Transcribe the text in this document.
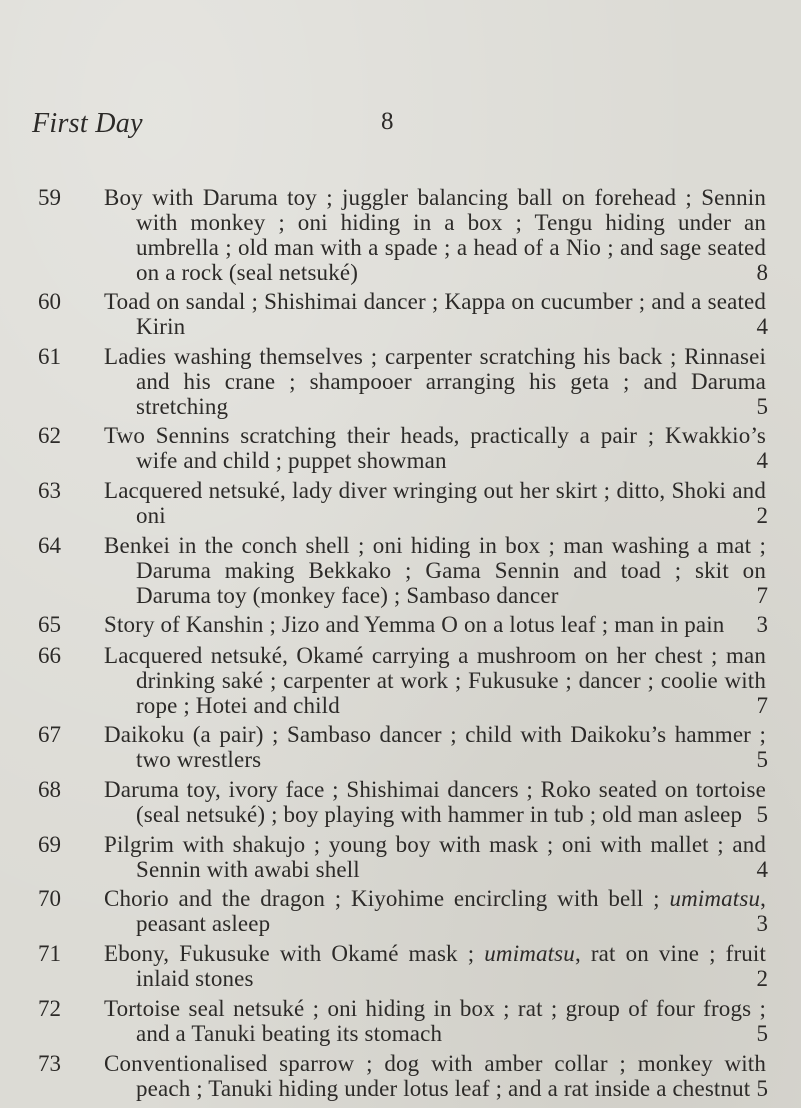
First Day	8
59 Boy with Daruma toy ; juggler balancing ball on forehead ; Sennin with monkey ; oni hiding in a box ; Tengu hiding under an umbrella ; old man with a spade ; a head of a Nio ; and sage seated on a rock (seal netsuké)	8
60 Toad on sandal ; Shishimai dancer ; Kappa on cucumber ; and a seated Kirin	4
61 Ladies washing themselves ; carpenter scratching his back ; Rinnasei and his crane ; shampooer arranging his geta ; and Daruma stretching	5
62 Two Sennins scratching their heads, practically a pair ; Kwakkio’s wife and child ; puppet showman	4
63 Lacquered netsuké, lady diver wringing out her skirt ; ditto, Shoki and oni	2
64 Benkei in the conch shell ; oni hiding in box ; man washing a mat ; Daruma making Bekkako ; Gama Sennin and toad ; skit on Daruma toy (monkey face) ; Sambaso dancer	7
65 Story of Kanshin ; Jizo and Yemma O on a lotus leaf ; man in pain	3
66 Lacquered netsuké, Okamé carrying a mushroom on her chest ; man drinking saké ; carpenter at work ; Fukusuke ; dancer ; coolie with rope ; Hotei and child	7
67 Daikoku (a pair) ; Sambaso dancer ; child with Daikoku’s hammer ; two wrestlers	5
68 Daruma toy, ivory face ; Shishimai dancers ; Roko seated on tortoise (seal netsuké) ; boy playing with hammer in tub ; old man asleep 5
69 Pilgrim with shakujo ; young boy with mask ; oni with mallet ; and Sennin with awabi shell	4
70 Chorio and the dragon ; Kiyohime encircling with bell ; umimatsu, peasant asleep	3
71 Ebony, Fukusuke with Okamé mask ; umimatsu, rat on vine ; fruit inlaid stones	2
72 Tortoise seal netsuké ; oni hiding in box ; rat ; group of four frogs ; and a Tanuki beating its stomach	5
73 Conventionalised sparrow ; dog with amber collar ; monkey with peach ; Tanuki hiding under lotus leaf ; and a rat inside a chestnut 5
